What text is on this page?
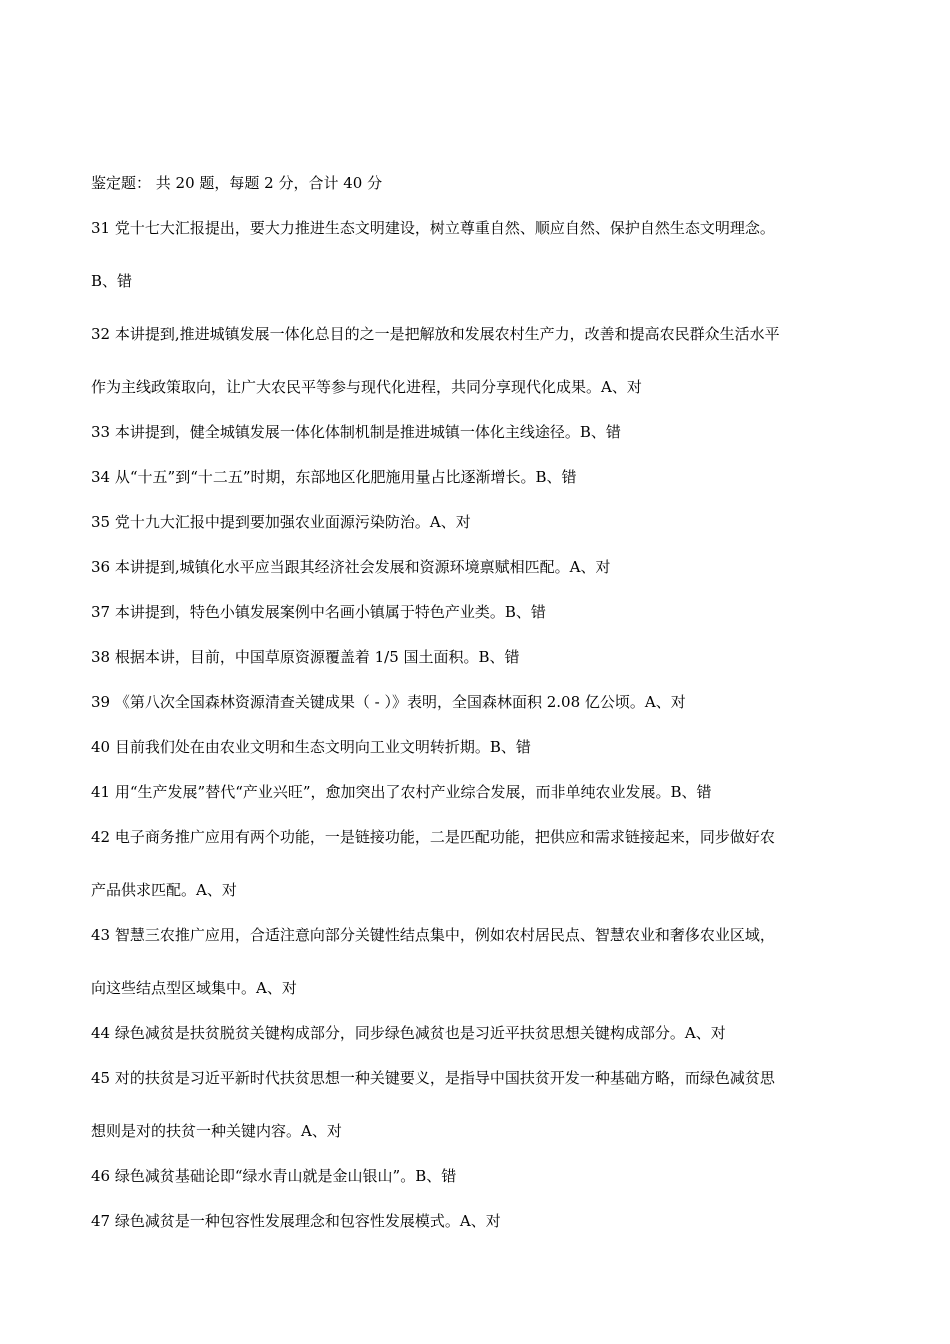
鉴定题： 共 20 题，每题 2 分，合计 40 分
31 党十七大汇报提出，要大力推进生态文明建设，树立尊重自然、顺应自然、保护自然生态文明理念。
B、错
32 本讲提到,推进城镇发展一体化总目的之一是把解放和发展农村生产力，改善和提高农民群众生活水平
作为主线政策取向，让广大农民平等参与现代化进程，共同分享现代化成果。A、对
33 本讲提到，健全城镇发展一体化体制机制是推进城镇一体化主线途径。B、错
34 从“十五”到“十二五”时期，东部地区化肥施用量占比逐渐增长。B、错
35 党十九大汇报中提到要加强农业面源污染防治。A、对
36 本讲提到,城镇化水平应当跟其经济社会发展和资源环境禀赋相匹配。A、对
37 本讲提到，特色小镇发展案例中名画小镇属于特色产业类。B、错
38 根据本讲，目前，中国草原资源覆盖着 1/5 国土面积。B、错
39 《第八次全国森林资源清查关键成果（ - ）》表明，全国森林面积 2.08 亿公顷。A、对
40 目前我们处在由农业文明和生态文明向工业文明转折期。B、错
41 用“生产发展”替代“产业兴旺”，愈加突出了农村产业综合发展，而非单纯农业发展。B、错
42 电子商务推广应用有两个功能，一是链接功能，二是匹配功能，把供应和需求链接起来，同步做好农
产品供求匹配。A、对
43 智慧三农推广应用，合适注意向部分关键性结点集中，例如农村居民点、智慧农业和奢侈农业区域，
向这些结点型区域集中。A、对
44 绿色减贫是扶贫脱贫关键构成部分，同步绿色减贫也是习近平扶贫思想关键构成部分。A、对
45 对的扶贫是习近平新时代扶贫思想一种关键要义，是指导中国扶贫开发一种基础方略，而绿色减贫思
想则是对的扶贫一种关键内容。A、对
46 绿色减贫基础论即“绿水青山就是金山银山”。B、错
47 绿色减贫是一种包容性发展理念和包容性发展模式。A、对
